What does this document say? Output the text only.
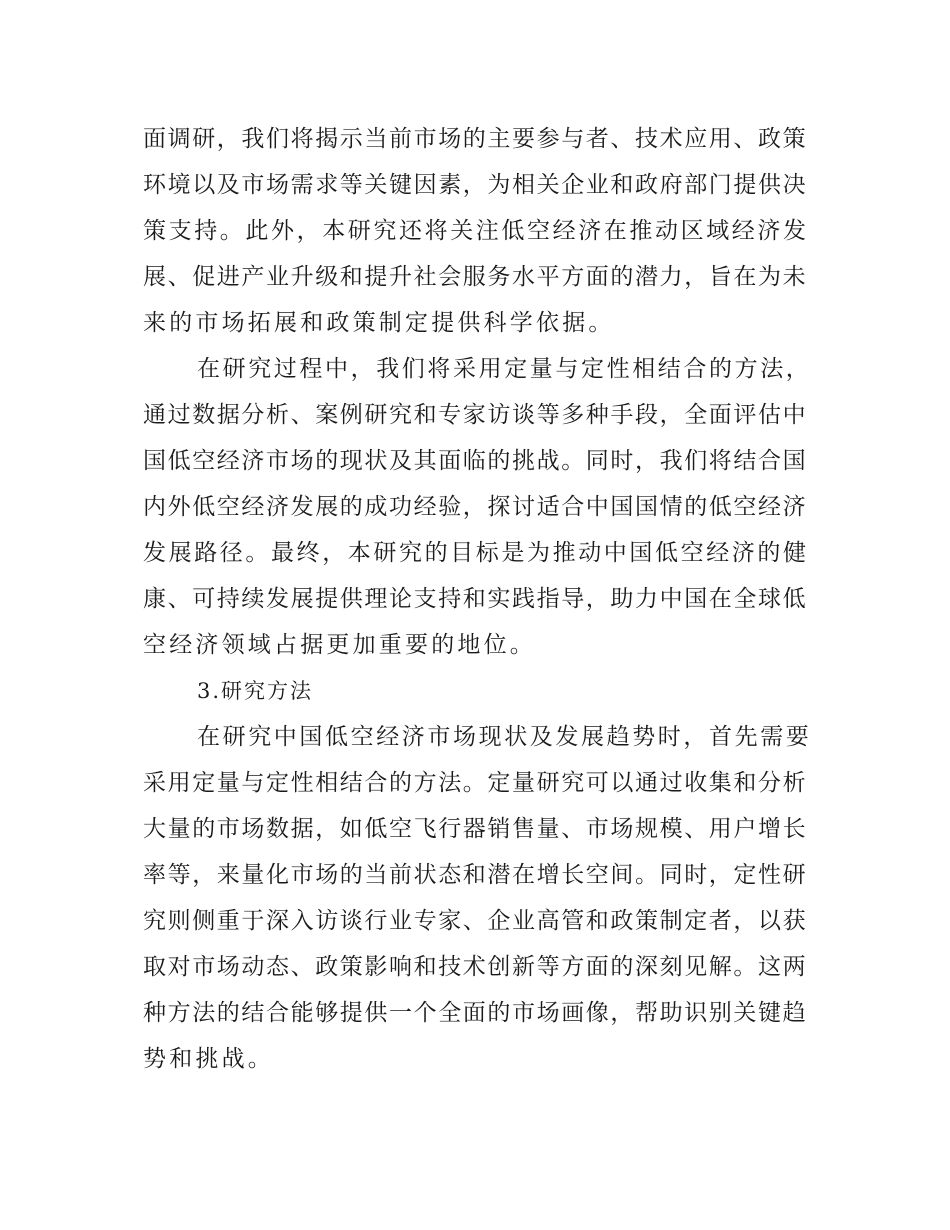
面调研，我们将揭示当前市场的主要参与者、技术应用、政策
环境以及市场需求等关键因素，为相关企业和政府部门提供决
策支持。此外，本研究还将关注低空经济在推动区域经济发
展、促进产业升级和提升社会服务水平方面的潜力，旨在为未
来的市场拓展和政策制定提供科学依据。
在研究过程中，我们将采用定量与定性相结合的方法，
通过数据分析、案例研究和专家访谈等多种手段，全面评估中
国低空经济市场的现状及其面临的挑战。同时，我们将结合国
内外低空经济发展的成功经验，探讨适合中国国情的低空经济
发展路径。最终，本研究的目标是为推动中国低空经济的健
康、可持续发展提供理论支持和实践指导，助力中国在全球低
空经济领域占据更加重要的地位。
3.研究方法
在研究中国低空经济市场现状及发展趋势时，首先需要
采用定量与定性相结合的方法。定量研究可以通过收集和分析
大量的市场数据，如低空飞行器销售量、市场规模、用户增长
率等，来量化市场的当前状态和潜在增长空间。同时，定性研
究则侧重于深入访谈行业专家、企业高管和政策制定者，以获
取对市场动态、政策影响和技术创新等方面的深刻见解。这两
种方法的结合能够提供一个全面的市场画像，帮助识别关键趋
势和挑战。
